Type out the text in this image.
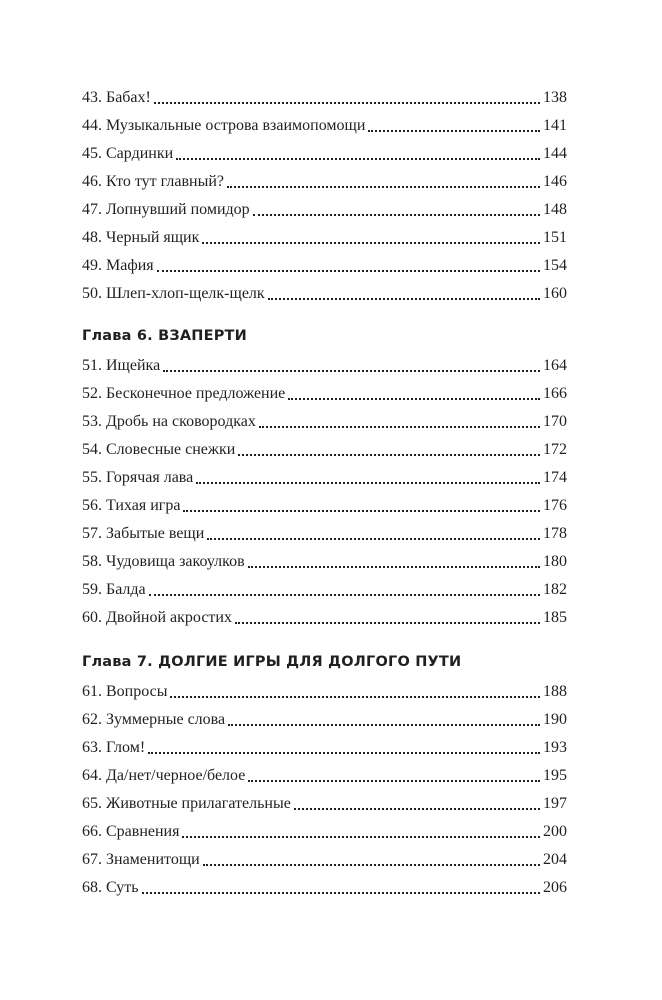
43. Бабах!	138
44. Музыкальные острова взаимопомощи	141
45. Сардинки	144
46. Кто тут главный?	146
47. Лопнувший помидор	148
48. Черный ящик	151
49. Мафия	154
50. Шлеп-хлоп-щелк-щелк	160
Глава 6. ВЗАПЕРТИ
51. Ищейка	164
52. Бесконечное предложение	166
53. Дробь на сковородках	170
54. Словесные снежки	172
55. Горячая лава	174
56. Тихая игра	176
57. Забытые вещи	178
58. Чудовища закоулков	180
59. Балда	182
60. Двойной акростих	185
Глава 7. ДОЛГИЕ ИГРЫ ДЛЯ ДОЛГОГО ПУТИ
61. Вопросы	188
62. Зуммерные слова	190
63. Глом!	193
64. Да/нет/черное/белое	195
65. Животные прилагательные	197
66. Сравнения	200
67. Знаменитощи	204
68. Суть	206
